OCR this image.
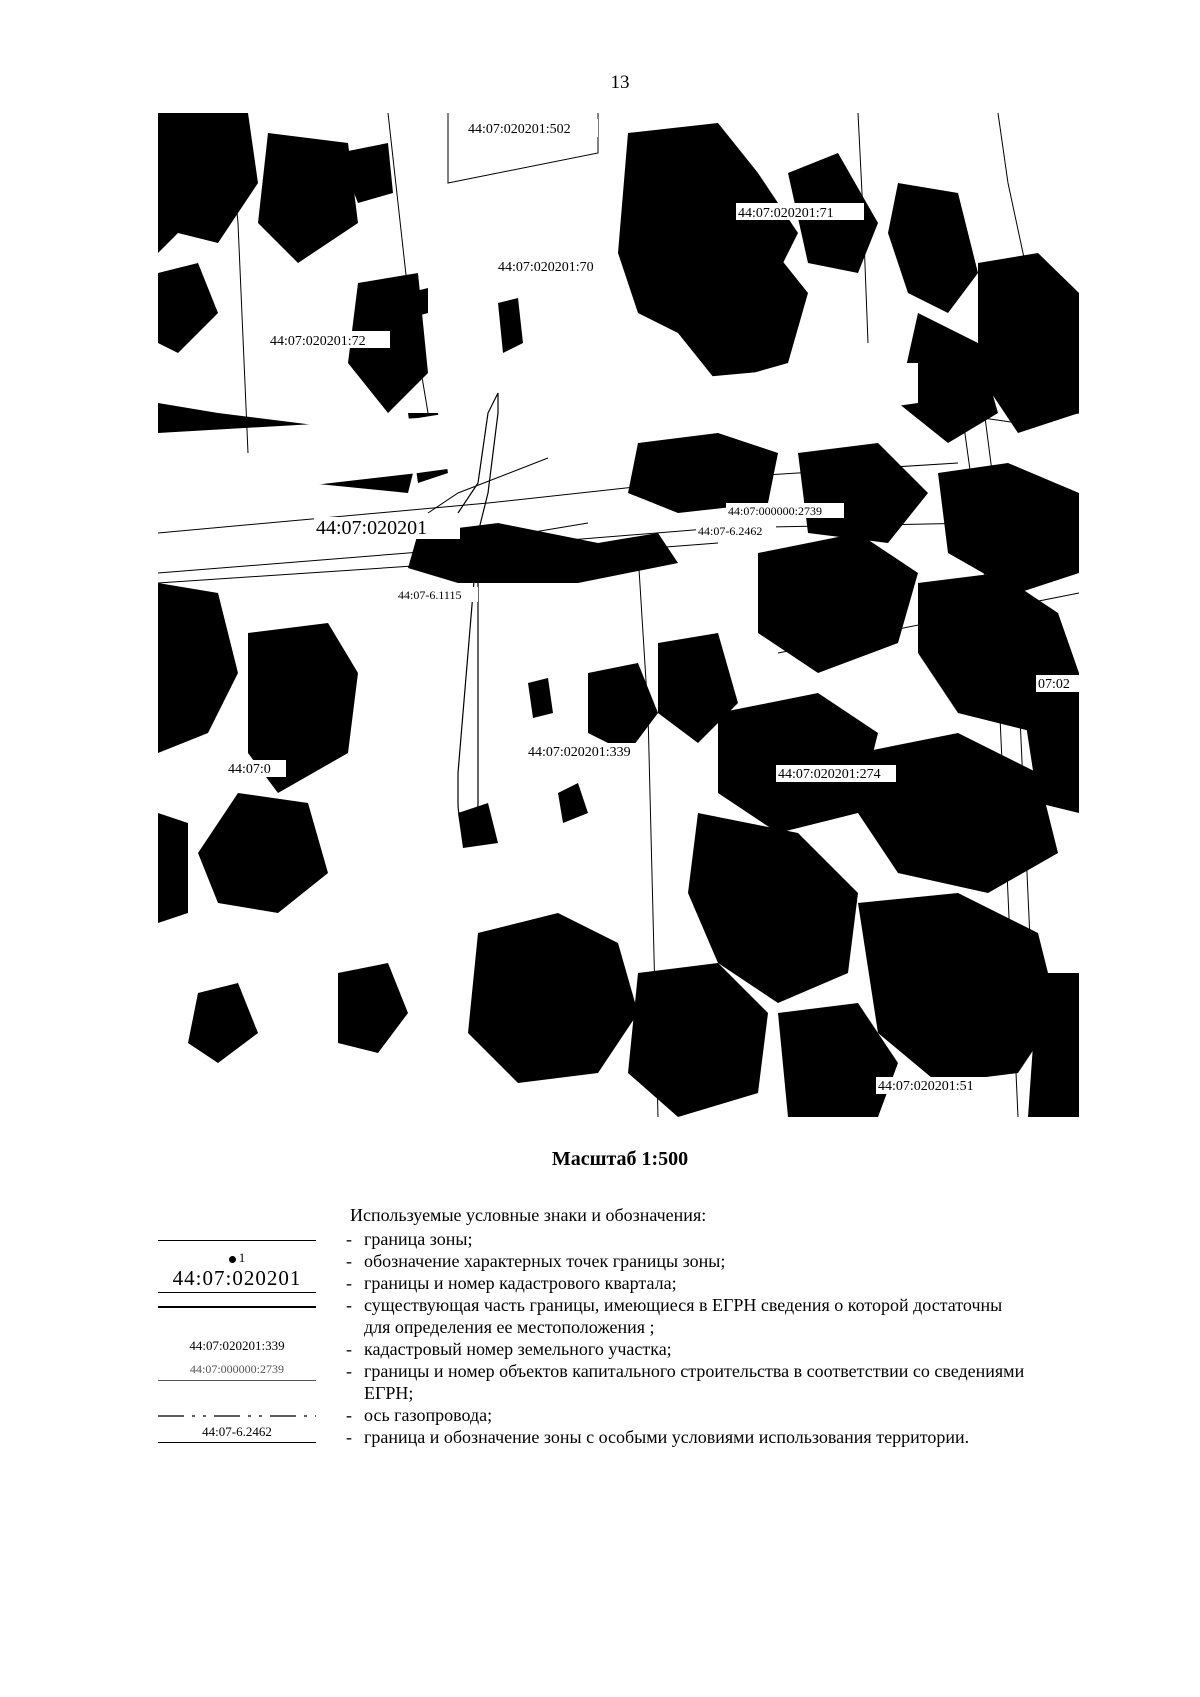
13
44:07:020201:502
44:07:020201:71
44:07:020201:70
)201:1
44:07:020201:72
44:07:020201
44:07:000000:2739
44:07-6.2462
44:07-6.1115
44:07:020201:339
44:07:020201:274
44:07:0
07:02
44:07:020201:51
Масштаб 1:500
Используемые условные знаки и обозначения:
1
44:07:020201
44:07:020201:339
44:07:000000:2739
44:07-6.2462
- граница зоны;
- обозначение характерных точек границы зоны;
- границы и номер кадастрового квартала;
- существующая часть границы, имеющиеся в ЕГРН сведения о которой достаточны
для определения ее местоположения ;
- кадастровый номер земельного участка;
- границы и номер объектов капитального строительства в соответствии со сведениями
ЕГРН;
- ось газопровода;
- граница и обозначение зоны с особыми условиями использования территории.
